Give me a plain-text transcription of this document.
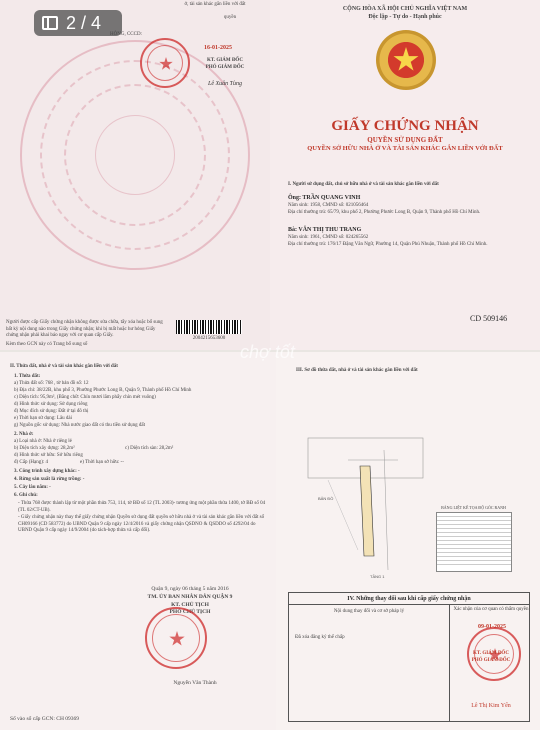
2 / 4
ở, tài sản khác gắn liền với đất
quyền
HÒNG, CCCD:
16-01-2025
KT. GIÁM ĐỐC
PHÓ GIÁM ĐỐC
Lê Xuân Tùng
Người được cấp Giấy chứng nhận không được sửa chữa, tẩy xóa hoặc bổ sung bất kỳ nội dung nào trong Giấy chứng nhận; khi bị mất hoặc hư hỏng Giấy chứng nhận phải khai báo ngay với cơ quan cấp Giấy.
2004215653600
Kèm theo GCN này có Trang bổ sung số
CỘNG HÒA XÃ HỘI CHỦ NGHĨA VIỆT NAM
Độc lập - Tự do - Hạnh phúc
GIẤY CHỨNG NHẬN
QUYỀN SỬ DỤNG ĐẤT
QUYỀN SỞ HỮU NHÀ Ở VÀ TÀI SẢN KHÁC GẮN LIỀN VỚI ĐẤT
I. Người sử dụng đất, chủ sở hữu nhà ở và tài sản khác gắn liền với đất
Ông: TRẦN QUANG VINH
Năm sinh: 1958, CMND số: 021056464
Địa chỉ thường trú: 65/79, khu phố 2, Phường Phước Long B, Quận 9, Thành phố Hồ Chí Minh.
Bà: VĂN THỊ THU TRANG
Năm sinh: 1961, CMND số: 024265562
Địa chỉ thường trú: 176/17 Đặng Văn Ngữ, Phường 14, Quận Phú Nhuận, Thành phố Hồ Chí Minh.
CD 509146
II. Thửa đất, nhà ở và tài sản khác gắn liền với đất
1. Thửa đất:
a) Thửa đất số: 768 , tờ bản đồ số: 12
b) Địa chỉ: 38/22B, khu phố 3, Phường Phước Long B, Quận 9, Thành phố Hồ Chí Minh
c) Diện tích: 95,9m², (Bằng chữ: Chín mươi lăm phẩy chín mét vuông)
d) Hình thức sử dụng: Sử dụng riêng
đ) Mục đích sử dụng: Đất ở tại đô thị
e) Thời hạn sử dụng: Lâu dài
g) Nguồn gốc sử dụng: Nhà nước giao đất có thu tiền sử dụng đất
2. Nhà ở:
a) Loại nhà ở: Nhà ở riêng lẻ
b) Diện tích xây dựng: 28,2m²	c) Diện tích sàn: 28,2m²
d) Hình thức sở hữu: Sở hữu riêng
đ) Cấp (Hạng): 4	e) Thời hạn sở hữu: --
3. Công trình xây dựng khác: -
4. Rừng sản xuất là rừng trồng: -
5. Cây lâu năm: -
6. Ghi chú:
- Thửa 768 được thành lập từ một phần thửa 753, 114, tờ BĐ số 12 (TL 2003)- tương ứng một phần thửa 1400, tờ BĐ số 04 (TL 02/CT-UB).
- Giấy chứng nhận này thay thế giấy chứng nhận Quyền sử dụng đất quyền sở hữu nhà ở và tài sản khác gắn liền với đất số CH09166 (CD 583772) do UBND Quận 9 cấp ngày 12/4/2016 và giấy chứng nhận QSDNO & QSDDO số 4292/04 do UBND Quận 9 cấp ngày 14/9/2004 (do tách-hợp thửa và cấp đổi).
Quận 9, ngày 06 tháng 5 năm 2016
TM. ỦY BAN NHÂN DÂN QUẬN 9
KT. CHỦ TỊCH
PHÓ CHỦ TỊCH
Nguyễn Văn Thành
Số vào sổ cấp GCN: CH 09369
III. Sơ đồ thửa đất, nhà ở và tài sản khác gắn liền với đất
chợ tốt
BẢN ĐỒ
TẦNG 1
BẢNG LIỆT KÊ TỌA ĐỘ GÓC RANH
IV. Những thay đổi sau khi cấp giấy chứng nhận
Nội dung thay đổi và cơ sở pháp lý	Xác nhận của cơ quan có thẩm quyền
Đã xóa đăng ký thế chấp
09-01-2025
KT. GIÁM ĐỐC
PHÓ GIÁM ĐỐC
Lê Thị Kim Yến
